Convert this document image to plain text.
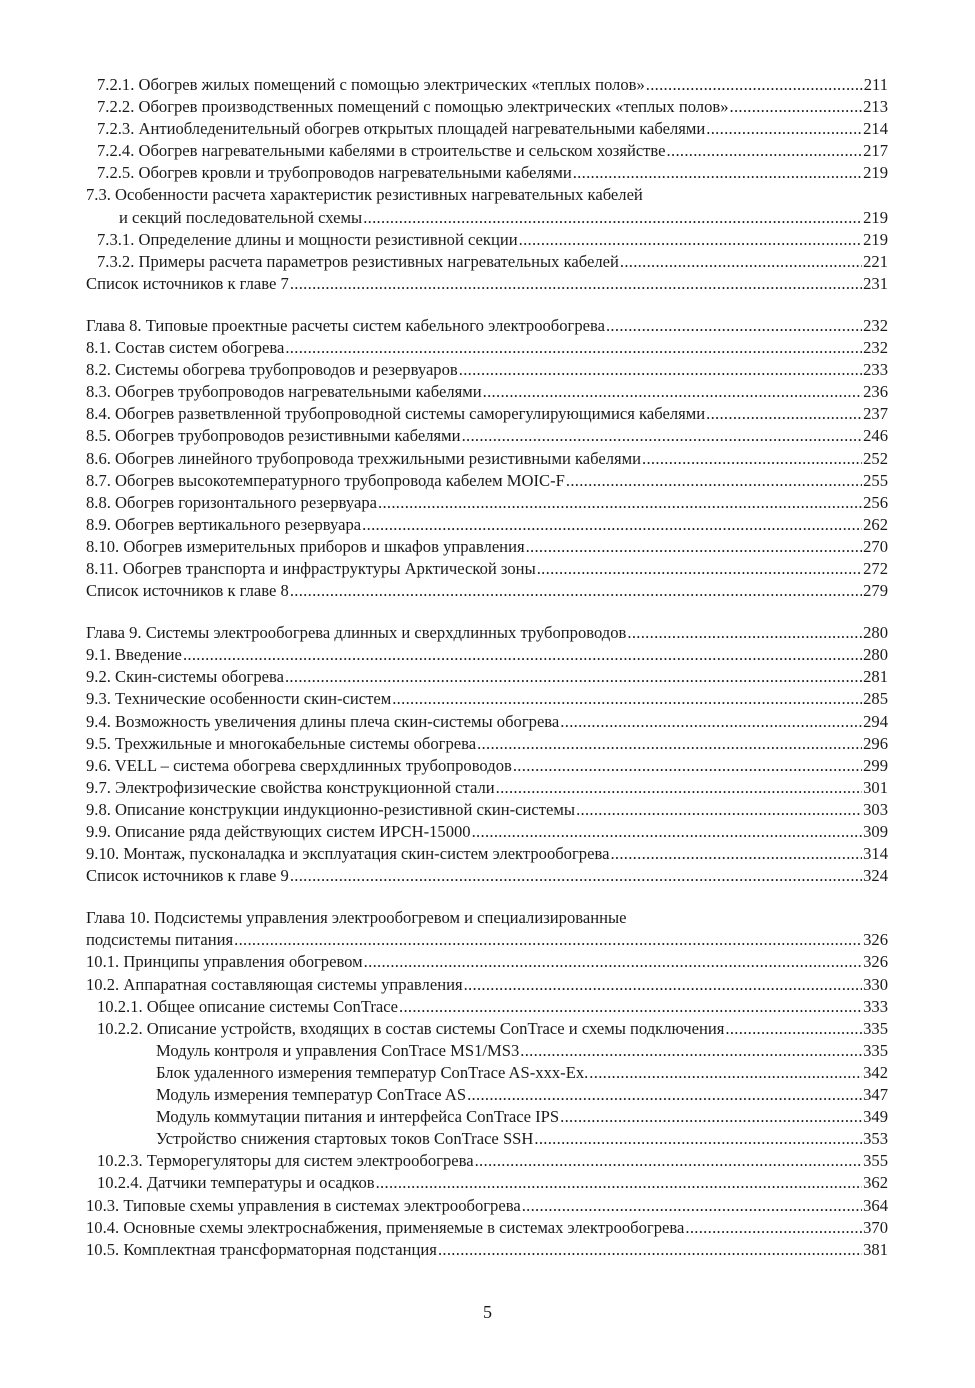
7.2.1. Обогрев жилых помещений с помощью электрических «теплых полов» .....	211
7.2.2. Обогрев производственных помещений с помощью электрических «теплых полов» .....	213
7.2.3. Антиобледенительный обогрев открытых площадей нагревательными кабелями .....	214
7.2.4. Обогрев нагревательными кабелями в строительстве и сельском хозяйстве .....	217
7.2.5. Обогрев кровли и трубопроводов нагревательными кабелями .....	219
7.3. Особенности расчета характеристик резистивных нагревательных кабелей
и секций последовательной схемы .....	219
7.3.1. Определение длины и мощности резистивной секции .....	219
7.3.2. Примеры расчета параметров резистивных нагревательных кабелей .....	221
Список источников к главе 7 .....	231
Глава 8. Типовые проектные расчеты систем кабельного электрообогрева .....	232
8.1. Состав систем обогрева .....	232
8.2. Системы обогрева трубопроводов и резервуаров .....	233
8.3. Обогрев трубопроводов нагревательными кабелями .....	236
8.4. Обогрев разветвленной трубопроводной системы саморегулирующимися кабелями .....	237
8.5. Обогрев трубопроводов резистивными кабелями .....	246
8.6. Обогрев линейного трубопровода трехжильными резистивными кабелями .....	252
8.7. Обогрев высокотемпературного трубопровода кабелем MOIC-F .....	255
8.8. Обогрев горизонтального резервуара .....	256
8.9. Обогрев вертикального резервуара .....	262
8.10. Обогрев измерительных приборов и шкафов управления .....	270
8.11. Обогрев транспорта и инфраструктуры Арктической зоны .....	272
Список источников к главе 8 .....	279
Глава 9. Системы электрообогрева длинных и сверхдлинных трубопроводов .....	280
9.1. Введение .....	280
9.2. Скин-системы обогрева .....	281
9.3. Технические особенности скин-систем .....	285
9.4. Возможность увеличения длины плеча скин-системы обогрева .....	294
9.5. Трехжильные и многокабельные системы обогрева .....	296
9.6. VELL – система обогрева сверхдлинных трубопроводов .....	299
9.7. Электрофизические свойства конструкционной стали .....	301
9.8. Описание конструкции индукционно-резистивной скин-системы .....	303
9.9. Описание ряда действующих систем ИРСН-15000 .....	309
9.10. Монтаж, пусконаладка и эксплуатация скин-систем электрообогрева .....	314
Список источников к главе 9 .....	324
Глава 10. Подсистемы управления электрообогревом и специализированные
подсистемы питания .....	326
10.1. Принципы управления обогревом .....	326
10.2. Аппаратная составляющая системы управления .....	330
10.2.1. Общее описание системы ConTrace .....	333
10.2.2. Описание устройств, входящих в состав системы ConTrace и схемы подключения .....	335
Модуль контроля и управления ConTrace MS1/MS3 .....	335
Блок удаленного измерения температур ConTrace AS-xxx-Ex. .....	342
Модуль измерения температур ConTrace AS .....	347
Модуль коммутации питания и интерфейса ConTrace IPS .....	349
Устройство снижения стартовых токов ConTrace SSH .....	353
10.2.3. Терморегуляторы для систем электрообогрева .....	355
10.2.4. Датчики температуры и осадков .....	362
10.3. Типовые схемы управления в системах электрообогрева .....	364
10.4. Основные схемы электроснабжения, применяемые в системах электрообогрева .....	370
10.5. Комплектная трансформаторная подстанция .....	381
5
